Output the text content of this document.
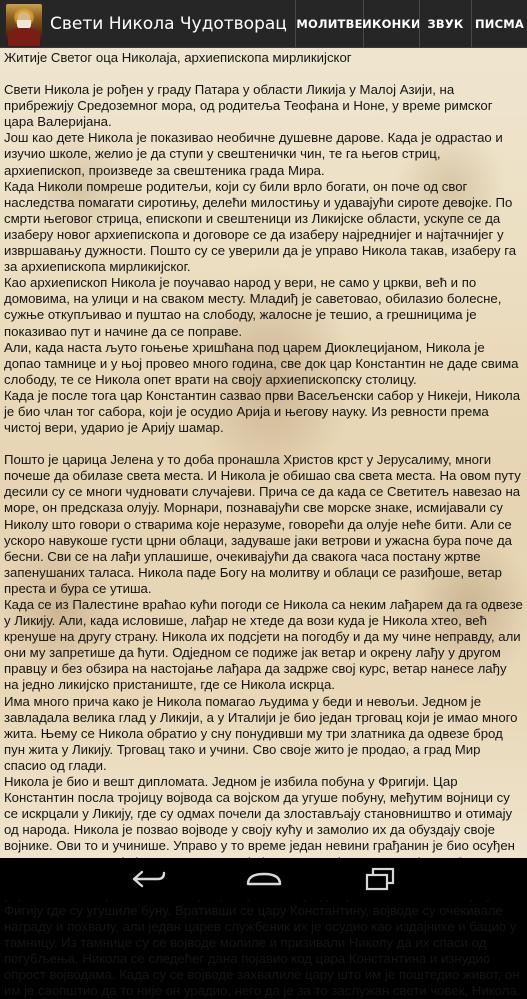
Свети Никола Чудотворац МОЛИТВЕ ИКОНКИ ЗВУК ПИСМА

Житије Светог оца Николаја, архиепископа мирликијског

Свети Никола је рођен у граду Патара у области Ликија у Малој Азији, на прибрежију Средоземног мора, од родитеља Теофана и Ноне, у време римског цара Валеријана.

Још као дете Никола је показивао необичне душевне дарове. Када је одрастао и изучио школе, желио је да ступи у свештенички чин, те га његов стриц, архиепископ, произведе за свештеника града Мира.

Када Николи помреше родитељи, који су били врло богати, он поче од свог наследства помагати сиротињу, делећи милостињу и удавајући сироте девојке. По смрти његовог стрица, епископи и свештеници из Ликијске области, ускупе се да изаберу новог архиепископа и договоре се да изаберу најреднијег и најтачнијег у извршавању дужности. Пошто су се уверили да је управо Никола такав, изаберу га за архиепископа мирликијског.

Као архиепископ Никола је поучавао народ у вери, не само у цркви, већ и по домовима, на улици и на сваком месту. Младиђ је саветовао, обилазио болесне, сужње откупљивао и пуштао на слободу, жалосне је тешио, а грешницима је показивао пут и начине да се поправе.

Али, када наста љуто гоњење хришћана под царем Диоклецијаном, Никола је допао тамнице и у њој провео много година, све док цар Константин не даде свима слободу, те се Никола опет врати на своју архиепископску столицу.

Када је после тога цар Константин сазвао први Васељенски сабор у Никеји, Никола је био члан тог сабора, који је осудио Арија и његову науку. Из ревности према чистој вери, ударио је Арију шамар.

Пошто је царица Јелена у то доба пронашла Христов крст у Јерусалиму, многи почеше да обилазе света места. И Никола је обишао сва света места. На овом путу десили су се многи чудновати случајеви. Прича се да када се Светитељ навезао на море, он предсказа олују. Морнари, познавајући све морске знаке, исмијавали су Николу што говори о стварима које неразуме, говорећи да олује неће бити. Али се ускоро навукоше густи црни облаци, задуваше јаки ветрови и ужасна бура поче да бесни. Сви се на лађи уплашише, очекивајући да свакога часа постану жртве запенушаних таласа. Никола паде Богу на молитву и облаци се разиђоше, ветар преста и бура се утиша.

Када се из Палестине враћао кући погоди се Никола са неким лађарем да га одвезе у Ликију. Али, када исловише, лађар не хтеде да вози куда је Никола хтео, већ кренуше на другу страну. Никола их подсјети на погодбу и да му чине неправду, али они му запретише да ћути. Одједном се подиже јак ветар и окрену лађу у другом правцу и без обзира на настојање лађара да задрже свој курс, ветар нанесе лађу на једно ликијско пристаниште, где се Никола искрца.

Има много прича како је Никола помагао људима у беди и невољи. Једном је завладала велика глад у Ликији, а у Италији је био један трговац који је имао много жита. Њему се Никола обратио у сну понудивши му три златника да одвезе брод пун жита у Ликију. Трговац тако и учини. Сво своје жито је продао, а град Мир спасио од глади.

Никола је био и вешт дипломата. Једном је избила побуна у Фригији. Цар Константин посла тројицу војвода са војском да угуше побуну, међутим војници су се искрцали у Ликију, где су одмах почели да злостављају становништво и отимају од народа. Никола је позвао војводе у своју кућу и замолио их да обуздају своје војнике. Ови то и учинише. Управо у то време један невини грађанин је био осуђен Фигију где су угушиле буну. Вративши се цару Константину, војводе су очекивале награду и похвалу, али један царев службеник их је осудио као издајнике и бацио у тамницу. Из тамнице су се војводе молиле и призивали Николу да их спаси од погубљења. Никола се следећег дана појавио код цара Константина и изнудио опрост војводама. Када су се војводе захвалиле цару што им је поштедио живот, он им је саопштио да то није он урадио, него да је за то заслужан свети човек, Никола.
